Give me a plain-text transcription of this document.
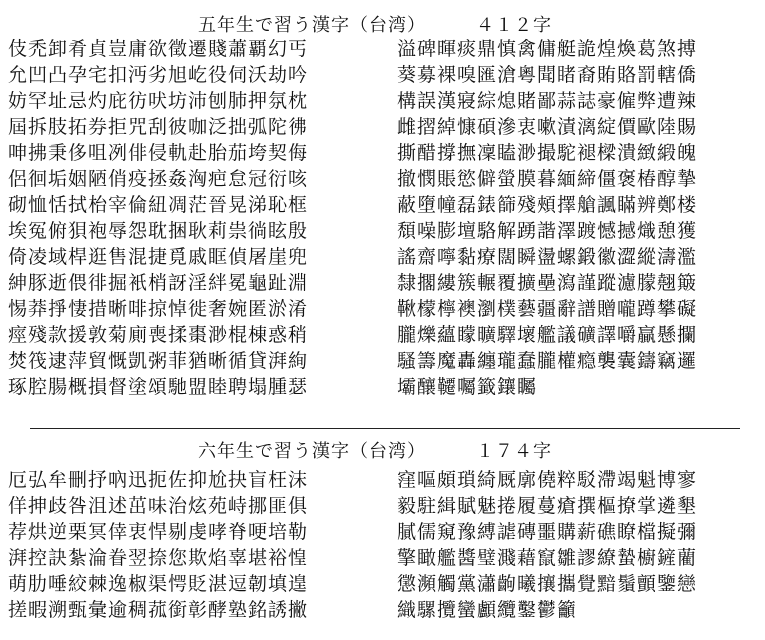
五年生で習う漢字（台湾）	４１２字
伎禿卸肴貞豈庸欲徵遷賤蕭覇幻丐
允凹凸孕宅扣沔劣旭屹役伺沃劫吟
妨罕址忌灼庇彷吠坊沛刨肺押氛枕
屆拆肢拓券拒咒刮彼咖泛拙弧陀彿
呻拂秉侈咀冽俳侵軌赴胎茄垮契侮
侶徊垢姻陋俏疫拯姦洶疤怠冠衍咳
砌恤恬拭枱宰倫紐凋茫晉晃涕恥框
埃冤俯狽袍辱怨耽捆耿莉祟徜眩殷
倚凌域桿逛售混捷覓戚眶偵屠崖兜
紳豚逝偎徘掘衹梢訝淫絆冕龜趾淵
惕莽掙悽措晰啡掠悼徙奢婉匿淤淆
痙殘款援敦菊廁喪揉棗渺棍棟惑稍
焚筏逮萍貿慨凱粥菲猶晰循貸湃絢
琢腔腸概損督塗頌馳盟睦聘塌腫瑟
溢碑暉痰鼎慎禽傭艇詭煌煥葛煞搏
葵募裸嗅匯滄粵聞睹裔賄賂罰轄僑
構誤漢寢綜熄賭鄙蒜誌豪僱弊遭辣
雌摺綽慷碩滲衷嗽漬漓綻價歐陸賜
撕醋撐撫凜瞌渺撮駝褪樑潰緻緞魄
撤憫賬慾僻螢膜暮緬締僵褒椿醇摯
蔽墮幢磊錶篩殘頰擇艙諷瞞辨鄭楼
頹噪膨壇駱解踴諧澤踱憾撼熾憩獲
謠齋嚀黏療闊瞬盪螺鍛徽澀縱濤濫
隸擱縷簇輾覆擴壘瀉謹蹤濾朦翹簸
鞦檬檸襖瀏樸藝疆辭譜贈嚨蹲攀礙
朧爍蘊矇曠驛壞艦議礦譯嚼贏懸攔
騷籌魔轟纏瓏蠢朧權瘾襲囊鑄竊邏
壩釀韆囑籤鑲矚
六年生で習う漢字（台湾）	１７４字
厄弘牟刪抒吶迅扼佐抑尬抉盲枉沫
佯抻歧咎沮述茁味治炫苑峙挪匪俱
荐烘逆栗冥倖衷悍剔虔哮脊哽培勒
湃控訣紮淪眷翌捺您欺焰辜堪裕惶
萌肋唾絞棘逸椒渠愕貶湛逗韌填遑
搓暇溯甄彙逾稠菰銜彰酵塾銘誘撇
窪嘔頗瑣綺厩廓僥粹駁滯竭魁博寥
毅駐緝賦魅捲履蔓瘡撰樞撩掌遴墾
膩儒窺豫縛謔磚噩購薪礁瞭檔擬彌
擎瞰艦醬璧濺藉竄雛謬繚蟄櫥鏟藺
懲瀕觸黨瀟齣曦攘攜覺黯鬚顫鑒戀
織騾攬蠻顱纜鑿鬱籲
